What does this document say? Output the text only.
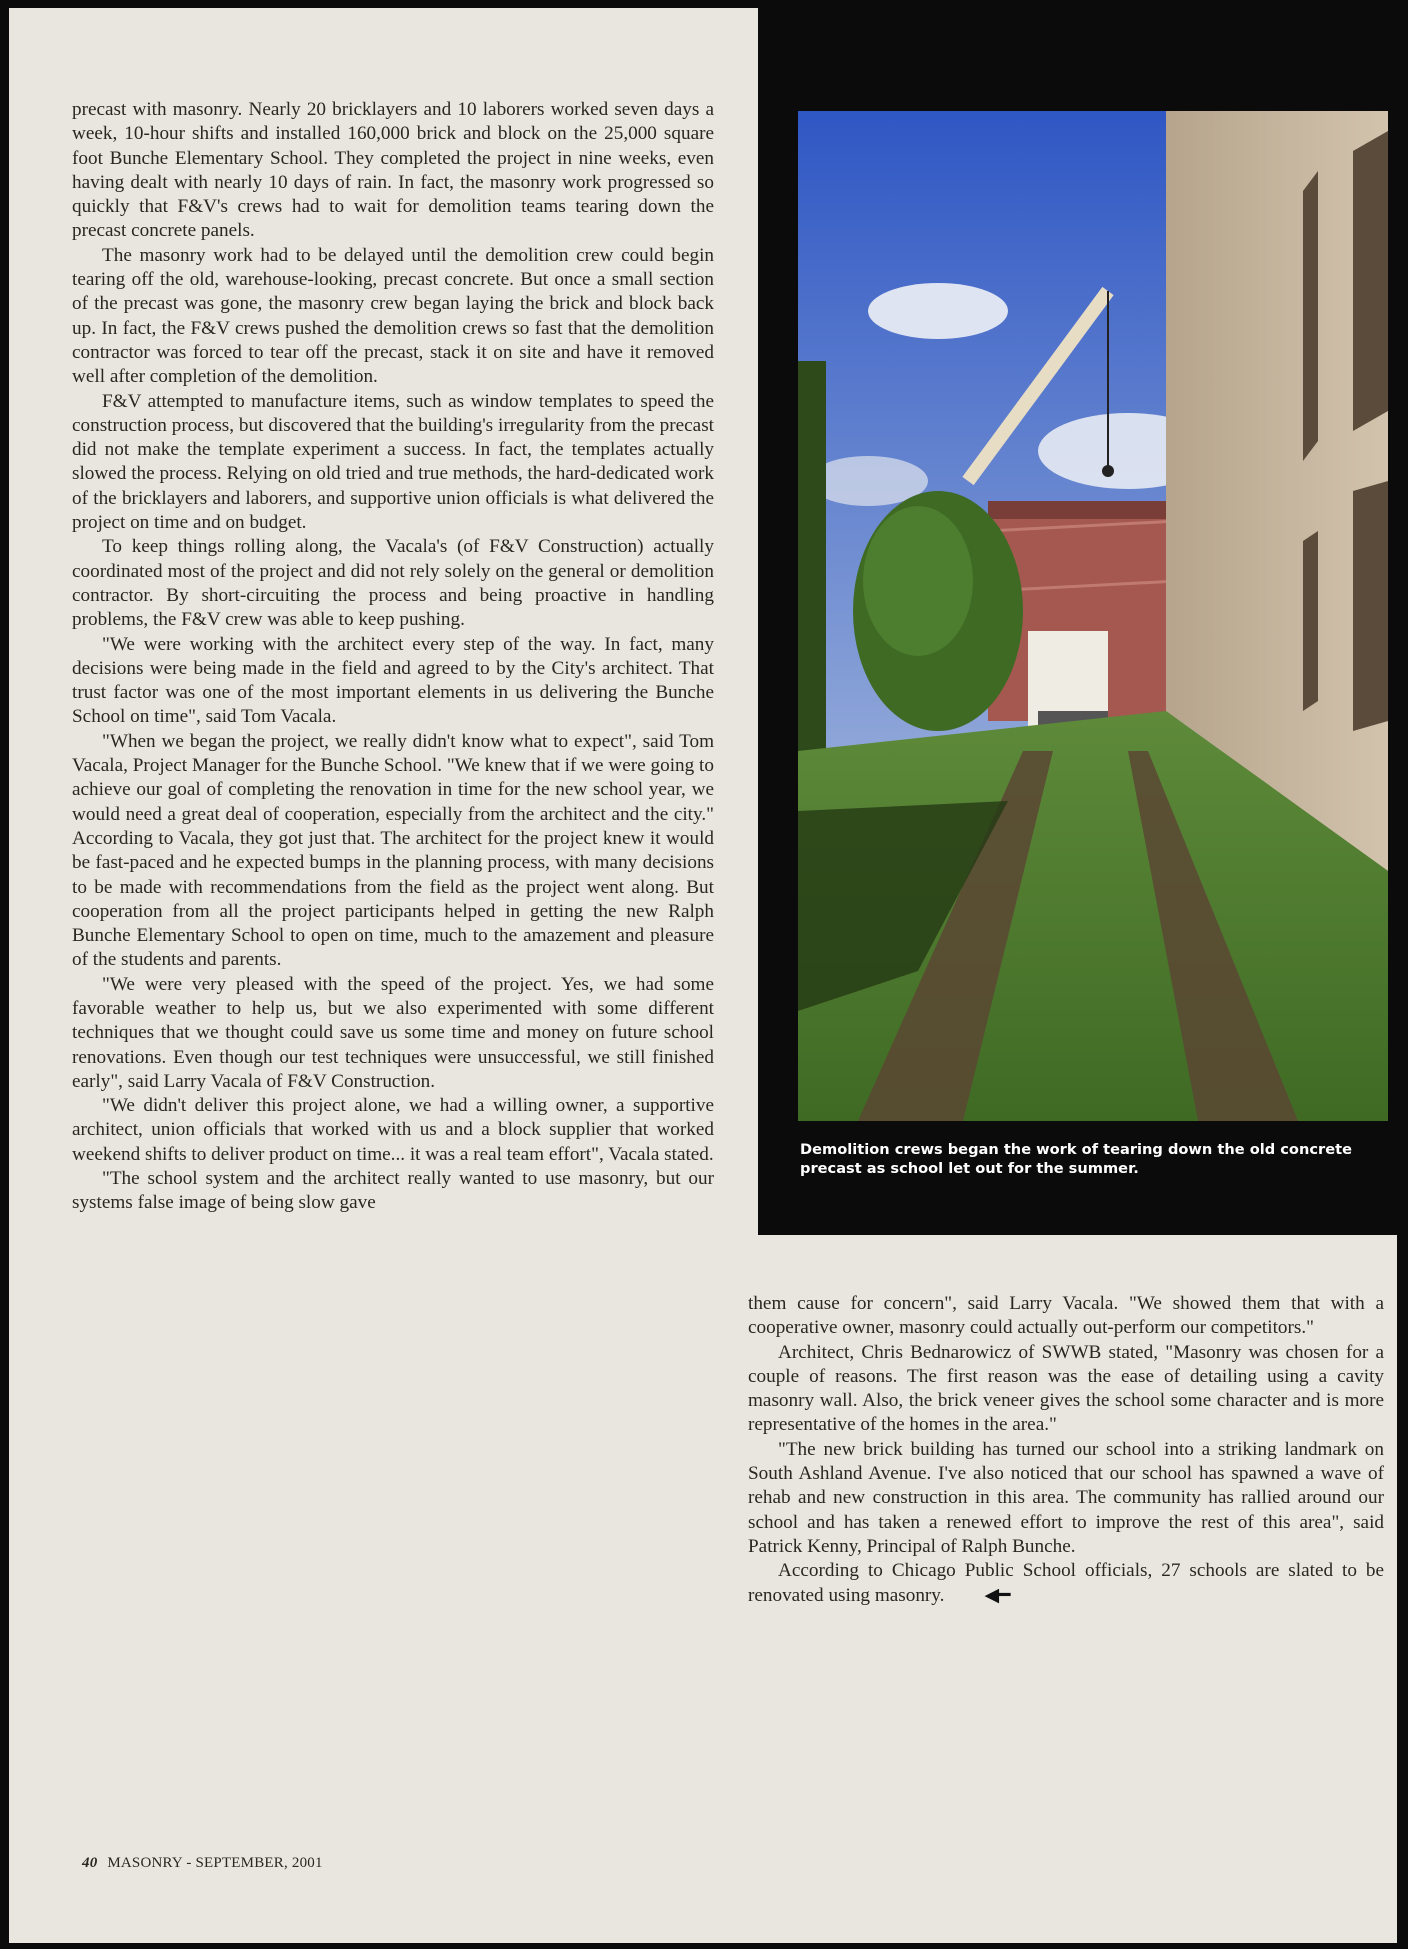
precast with masonry. Nearly 20 bricklayers and 10 laborers worked seven days a week, 10-hour shifts and installed 160,000 brick and block on the 25,000 square foot Bunche Elementary School. They completed the project in nine weeks, even having dealt with nearly 10 days of rain. In fact, the masonry work progressed so quickly that F&V's crews had to wait for demolition teams tearing down the precast concrete panels.

The masonry work had to be delayed until the demolition crew could begin tearing off the old, warehouse-looking, precast concrete. But once a small section of the precast was gone, the masonry crew began laying the brick and block back up. In fact, the F&V crews pushed the demolition crews so fast that the demolition contractor was forced to tear off the precast, stack it on site and have it removed well after completion of the demolition.

F&V attempted to manufacture items, such as window templates to speed the construction process, but discovered that the building's irregularity from the precast did not make the template experiment a success. In fact, the templates actually slowed the process. Relying on old tried and true methods, the hard-dedicated work of the bricklayers and laborers, and supportive union officials is what delivered the project on time and on budget.

To keep things rolling along, the Vacala's (of F&V Construction) actually coordinated most of the project and did not rely solely on the general or demolition contractor. By short-circuiting the process and being proactive in handling problems, the F&V crew was able to keep pushing.

"We were working with the architect every step of the way. In fact, many decisions were being made in the field and agreed to by the City's architect. That trust factor was one of the most important elements in us delivering the Bunche School on time", said Tom Vacala.

"When we began the project, we really didn't know what to expect", said Tom Vacala, Project Manager for the Bunche School. "We knew that if we were going to achieve our goal of completing the renovation in time for the new school year, we would need a great deal of cooperation, especially from the architect and the city." According to Vacala, they got just that. The architect for the project knew it would be fast-paced and he expected bumps in the planning process, with many decisions to be made with recommendations from the field as the project went along. But cooperation from all the project participants helped in getting the new Ralph Bunche Elementary School to open on time, much to the amazement and pleasure of the students and parents.

"We were very pleased with the speed of the project. Yes, we had some favorable weather to help us, but we also experimented with some different techniques that we thought could save us some time and money on future school renovations. Even though our test techniques were unsuccessful, we still finished early", said Larry Vacala of F&V Construction.

"We didn't deliver this project alone, we had a willing owner, a supportive architect, union officials that worked with us and a block supplier that worked weekend shifts to deliver product on time... it was a real team effort", Vacala stated.

"The school system and the architect really wanted to use masonry, but our systems false image of being slow gave

Demolition crews began the work of tearing down the old concrete precast as school let out for the summer.

them cause for concern", said Larry Vacala. "We showed them that with a cooperative owner, masonry could actually out-perform our competitors."

Architect, Chris Bednarowicz of SWWB stated, "Masonry was chosen for a couple of reasons. The first reason was the ease of detailing using a cavity masonry wall. Also, the brick veneer gives the school some character and is more representative of the homes in the area."

"The new brick building has turned our school into a striking landmark on South Ashland Avenue. I've also noticed that our school has spawned a wave of rehab and new construction in this area. The community has rallied around our school and has taken a renewed effort to improve the rest of this area", said Patrick Kenny, Principal of Ralph Bunche.

According to Chicago Public School officials, 27 schools are slated to be renovated using masonry. ◀━

40 MASONRY - SEPTEMBER, 2001
